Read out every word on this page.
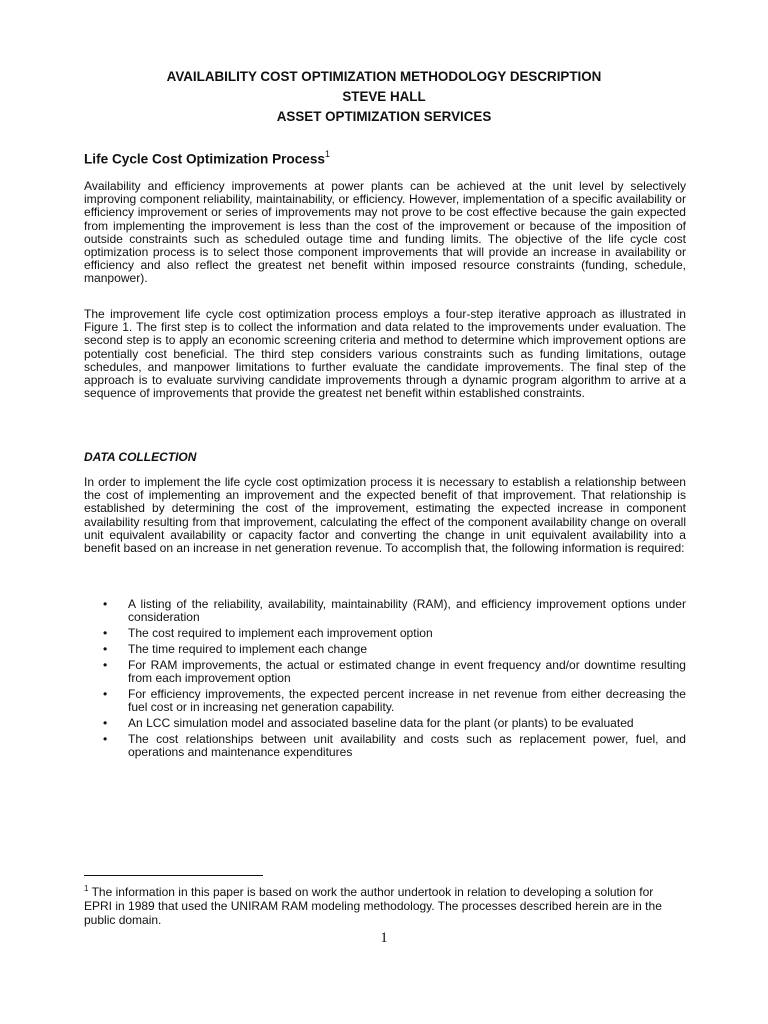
AVAILABILITY COST OPTIMIZATION METHODOLOGY DESCRIPTION
STEVE HALL
ASSET OPTIMIZATION SERVICES
Life Cycle Cost Optimization Process$^1$

Availability and efficiency improvements at power plants can be achieved at the unit level by selectively improving component reliability, maintainability, or efficiency. However, implementation of a specific availability or efficiency improvement or series of improvements may not prove to be cost effective because the gain expected from implementing the improvement is less than the cost of the improvement or because of the imposition of outside constraints such as scheduled outage time and funding limits. The objective of the life cycle cost optimization process is to select those component improvements that will provide an increase in availability or efficiency and also reflect the greatest net benefit within imposed resource constraints (funding, schedule, manpower).

The improvement life cycle cost optimization process employs a four-step iterative approach as illustrated in Figure 1. The first step is to collect the information and data related to the improvements under evaluation. The second step is to apply an economic screening criteria and method to determine which improvement options are potentially cost beneficial. The third step considers various constraints such as funding limitations, outage schedules, and manpower limitations to further evaluate the candidate improvements. The final step of the approach is to evaluate surviving candidate improvements through a dynamic program algorithm to arrive at a sequence of improvements that provide the greatest net benefit within established constraints.

DATA COLLECTION

In order to implement the life cycle cost optimization process it is necessary to establish a relationship between the cost of implementing an improvement and the expected benefit of that improvement. That relationship is established by determining the cost of the improvement, estimating the expected increase in component availability resulting from that improvement, calculating the effect of the component availability change on overall unit equivalent availability or capacity factor and converting the change in unit equivalent availability into a benefit based on an increase in net generation revenue. To accomplish that, the following information is required:

• A listing of the reliability, availability, maintainability (RAM), and efficiency improvement options under consideration
• The cost required to implement each improvement option
• The time required to implement each change
• For RAM improvements, the actual or estimated change in event frequency and/or downtime resulting from each improvement option
• For efficiency improvements, the expected percent increase in net revenue from either decreasing the fuel cost or in increasing net generation capability.
• An LCC simulation model and associated baseline data for the plant (or plants) to be evaluated
• The cost relationships between unit availability and costs such as replacement power, fuel, and operations and maintenance expenditures
$^1$ The information in this paper is based on work the author undertook in relation to developing a solution for EPRI in 1989 that used the UNIRAM RAM modeling methodology. The processes described herein are in the public domain.
1
